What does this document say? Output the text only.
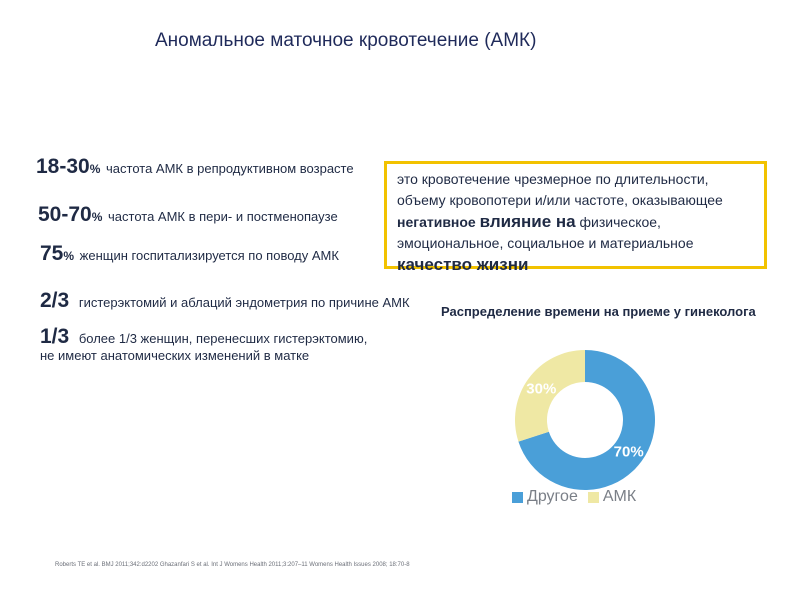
Аномальное маточное кровотечение (АМК)
18-30% частота АМК в репродуктивном возрасте
50-70% частота АМК в пери- и постменопаузе
75% женщин госпитализируется по поводу АМК
2/3 гистерэктомий и аблаций эндометрия по причине АМК
1/3 более 1/3 женщин, перенесших гистерэктомию, не имеют анатомических изменений в матке
это кровотечение чрезмерное по длительности, объему кровопотери и/или частоте, оказывающее негативное влияние на физическое, эмоциональное, социальное и материальное качество жизни
Распределение времени на приеме у гинеколога
70%
30%
Другое АМК
Roberts TE et al. BMJ 2011;342:d2202 Ghazanfari S et al. Int J Womens Health 2011;3:207–11 Womens Health Issues 2008; 18:70-8
